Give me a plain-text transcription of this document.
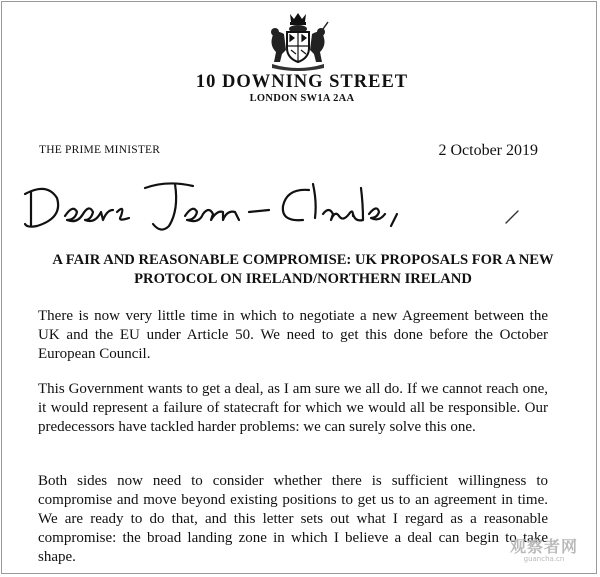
10 DOWNING STREET
LONDON SW1A 2AA
THE PRIME MINISTER	2 October 2019
A FAIR AND REASONABLE COMPROMISE: UK PROPOSALS FOR A NEW
PROTOCOL ON IRELAND/NORTHERN IRELAND
There is now very little time in which to negotiate a new Agreement between the UK and the EU under Article 50. We need to get this done before the October European Council.
This Government wants to get a deal, as I am sure we all do. If we cannot reach one, it would represent a failure of statecraft for which we would all be responsible. Our predecessors have tackled harder problems: we can surely solve this one.
Both sides now need to consider whether there is sufficient willingness to compromise and move beyond existing positions to get us to an agreement in time. We are ready to do that, and this letter sets out what I regard as a reasonable compromise: the broad landing zone in which I believe a deal can begin to take shape.
观察者网
guancha.cn
